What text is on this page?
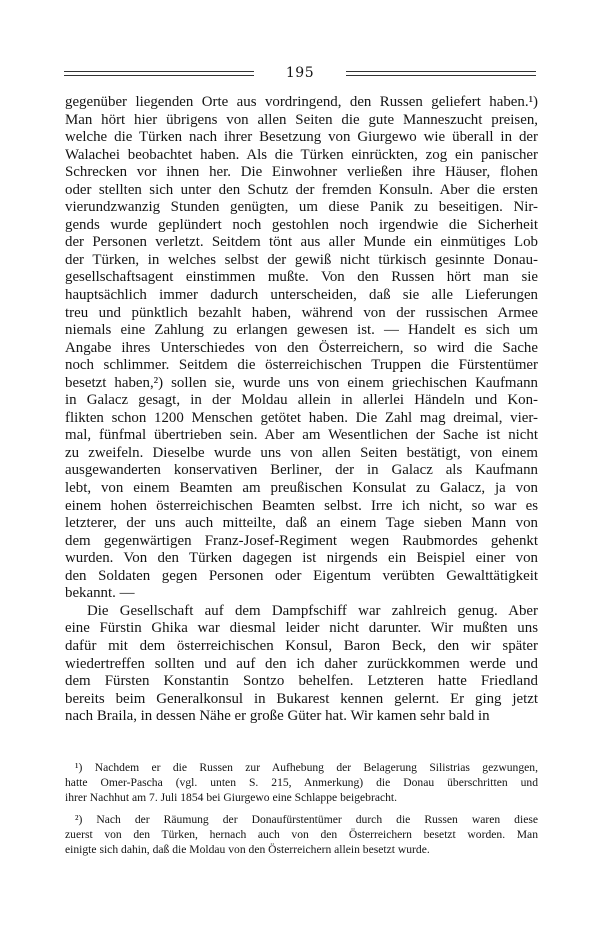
195
gegenüber liegenden Orte aus vordringend, den Russen geliefert haben.¹)
Man hört hier übrigens von allen Seiten die gute Manneszucht preisen,
welche die Türken nach ihrer Besetzung von Giurgewo wie überall in der
Walachei beobachtet haben. Als die Türken einrückten, zog ein panischer
Schrecken vor ihnen her. Die Einwohner verließen ihre Häuser, flohen
oder stellten sich unter den Schutz der fremden Konsuln. Aber die ersten
vierundzwanzig Stunden genügten, um diese Panik zu beseitigen. Nir-
gends wurde geplündert noch gestohlen noch irgendwie die Sicherheit
der Personen verletzt. Seitdem tönt aus aller Munde ein einmütiges Lob
der Türken, in welches selbst der gewiß nicht türkisch gesinnte Donau-
gesellschaftsagent einstimmen mußte. Von den Russen hört man sie
hauptsächlich immer dadurch unterscheiden, daß sie alle Lieferungen
treu und pünktlich bezahlt haben, während von der russischen Armee
niemals eine Zahlung zu erlangen gewesen ist. — Handelt es sich um
Angabe ihres Unterschiedes von den Österreichern, so wird die Sache
noch schlimmer. Seitdem die österreichischen Truppen die Fürstentümer
besetzt haben,²) sollen sie, wurde uns von einem griechischen Kaufmann
in Galacz gesagt, in der Moldau allein in allerlei Händeln und Kon-
flikten schon 1200 Menschen getötet haben. Die Zahl mag dreimal, vier-
mal, fünfmal übertrieben sein. Aber am Wesentlichen der Sache ist nicht
zu zweifeln. Dieselbe wurde uns von allen Seiten bestätigt, von einem
ausgewanderten konservativen Berliner, der in Galacz als Kaufmann
lebt, von einem Beamten am preußischen Konsulat zu Galacz, ja von
einem hohen österreichischen Beamten selbst. Irre ich nicht, so war es
letzterer, der uns auch mitteilte, daß an einem Tage sieben Mann von
dem gegenwärtigen Franz-Josef-Regiment wegen Raubmordes gehenkt
wurden. Von den Türken dagegen ist nirgends ein Beispiel einer von
den Soldaten gegen Personen oder Eigentum verübten Gewalttätigkeit
bekannt. —
Die Gesellschaft auf dem Dampfschiff war zahlreich genug. Aber
eine Fürstin Ghika war diesmal leider nicht darunter. Wir mußten uns
dafür mit dem österreichischen Konsul, Baron Beck, den wir später
wiedertreffen sollten und auf den ich daher zurückkommen werde und
dem Fürsten Konstantin Sontzo behelfen. Letzteren hatte Friedland
bereits beim Generalkonsul in Bukarest kennen gelernt. Er ging jetzt
nach Braila, in dessen Nähe er große Güter hat. Wir kamen sehr bald in
¹) Nachdem er die Russen zur Aufhebung der Belagerung Silistrias gezwungen,
hatte Omer-Pascha (vgl. unten S. 215, Anmerkung) die Donau überschritten und
ihrer Nachhut am 7. Juli 1854 bei Giurgewo eine Schlappe beigebracht.
²) Nach der Räumung der Donaufürstentümer durch die Russen waren diese
zuerst von den Türken, hernach auch von den Österreichern besetzt worden. Man
einigte sich dahin, daß die Moldau von den Österreichern allein besetzt wurde.
